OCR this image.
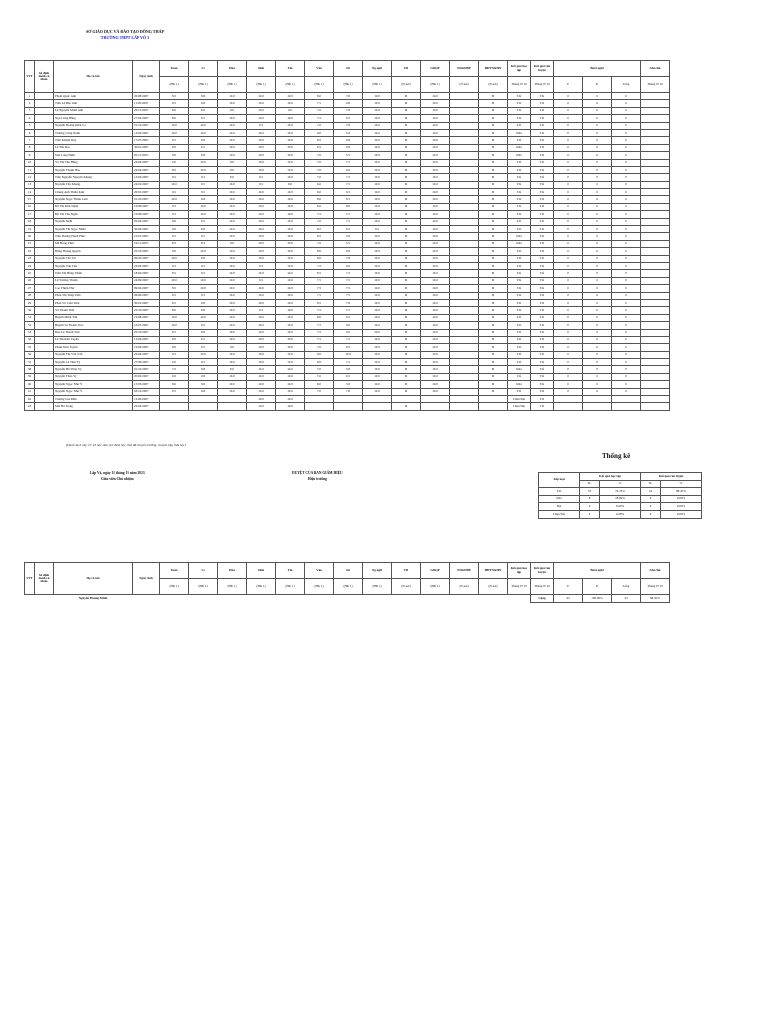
SỞ GIÁO DỤC VÀ ĐÀO TẠO ĐỒNG THÁP
TRƯỜNG THPT LẤP VÒ 3
STT	Số định danh cá nhân	Họ và tên	Ngày sinh	Toán	Lí	Hóa	Sinh	Tin	Văn	Sử	Ng.ngữ	TD	GDQP	NDGDĐP	HĐTN&HN	Kết quả học tập	Kết quả rèn luyện	Buổi nghỉ			Ghi chú
				(HK 1)	(HK 1)	(HK 1)	(HK 1)	(HK 1)	(HK 1)	(HK 1)	(HK 1)	(N.xét)	(HK 1)	(N.xét)	(N.xét)	Tháng 9+10	Tháng 9+10	P	K	Tổng	Tháng 9+10
1		Phạm Quốc Anh	20/08/2007	8.5	9.8	10.0	10.0	10.0	8.0	7.8	10.0	Đ	10.0		Đ	Tốt	Tốt	0	0	0	
2		Trần Lê Bảo Anh	11/05/2007	9.5	9.8	10.0	10.0	10.0	7.5	9.8	10.0	Đ	10.0		Đ	Tốt	Tốt	0	0	0	
3		Lê Nguyễn Minh Anh	29/11/2007	8.0	9.0	9.0	10.0	9.0	7.0	7.8	10.0	Đ	10.0		Đ	Tốt	Tốt	0	0	0	
4		Ngô Công Bằng	27/02/2007	8.0	9.5	10.0	10.0	10.0	7.5	6.5	10.0	Đ	10.0		Đ	Tốt	Tốt	0	0	0	
5		Nguyễn Hoàng Khải Ca	01/12/2007	10.0	10.0	10.0	9.5	10.0	7.0	7.8	10.0	Đ	10.0		Đ	Tốt	Tốt	0	0	0	
6		Trương Công Danh	13/02/2007	10.0	10.0	10.0	10.0	10.0	9.0	5.8	10.0	Đ	10.0		Đ	Khá	Tốt	0	0	0	
7		Trần Khánh Duy	17/07/2007	9.5	9.8	10.0	10.0	10.0	8.5	6.8	10.0	Đ	10.0		Đ	Tốt	Tốt	0	0	0	
8		Lê Tấn Đạt	30/01/2007	9.0	9.5	10.0	10.0	10.0	6.5	6.8	10.0	Đ	10.0		Đ	Khá	Tốt	0	0	0	
9		Mai Long Đình	05/11/2007	9.0	9.8	10.0	10.0	10.0	7.0	5.5	10.0	Đ	10.0		Đ	Khá	Tốt	0	0	0	
10		Võ Thị Thu Hằng	24/06/2007	9.0	10.0	9.0	10.0	10.0	7.0	7.5	10.0	Đ	10.0		Đ	Tốt	Tốt	0	0	0	
11		Nguyễn Thanh Hào	24/04/2007	8.5	10.0	9.0	10.0	10.0	7.0	6.0	10.0	Đ	10.0		Đ	Tốt	Tốt	0	0	0	
12		Trần Nguyễn Nguyên Khang	13/02/2007	9.5	9.5	9.0	9.5	10.0	7.0	7.5	10.0	Đ	10.0		Đ	Tốt	Tốt	0	0	0	
13		Nguyễn Tấn Khang	24/02/2007	10.0	9.5	10.0	9.5	9.0	6.0	7.5	10.0	Đ	10.0		Đ	Tốt	Tốt	0	0	0	
14		Chung Anh Thiên Kim	20/01/2007	9.5	9.5	10.0	10.0	10.0	9.0	6.5	10.0	Đ	10.0		Đ	Tốt	Tốt	0	0	0	
15		Nguyễn Ngọc Thiên Lam	01/10/2007	10.0	9.8	10.0	10.0	10.0	8.0	6.5	10.0	Đ	10.0		Đ	Tốt	Tốt	0	0	0	
16		Đỗ Thị Kim Ngân	19/06/2007	9.5	10.0	10.0	10.0	10.0	6.0	8.0	10.0	Đ	10.0		Đ	Tốt	Tốt	0	0	0	
17		Đỗ Thị Thu Ngân	19/06/2007	9.5	10.0	10.0	10.0	10.0	7.5	7.5	10.0	Đ	10.0		Đ	Tốt	Tốt	0	0	0	
18		Nguyễn Nghi	02/02/2007	8.0	9.5	10.0	10.0	10.0	7.0	7.5	10.0	Đ	10.0		Đ	Tốt	Tốt	0	0	0	
19		Nguyễn Thị Ngọc Nhân	30/04/2007	9.0	9.8	10.0	10.0	10.0	8.5	6.5	9.5	Đ	10.0		Đ	Tốt	Tốt	0	0	0	
20		Trần Dương Hạnh Phúc	10/01/2007	9.5	9.5	10.0	10.0	10.0	8.5	5.8	10.0	Đ	10.0		Đ	Khá	Tốt	0	0	0	
21		Mã Hồng Phúc	19/11/2007	8.5	8.3	9.0	10.0	10.0	7.0	5.5	10.0	Đ	10.0		Đ	Khá	Tốt	0	0	0	
22		Đặng Hoàng Quyền	25/10/2007	9.0	10.0	10.0	10.0	10.0	8.0	6.8	10.0	Đ	10.0		Đ	Tốt	Tốt	0	0	0	
23		Nguyễn Tấn Tài	09/05/2007	10.0	9.8	10.0	10.0	10.0	8.0	7.8	10.0	Đ	10.0		Đ	Tốt	Tốt	0	0	0	
24		Nguyễn Văn Tấn	23/02/2007	9.5	9.5	10.0	9.5	10.0	7.5	9.0	10.0	Đ	10.0		Đ	Tốt	Tốt	0	0	0	
25		Trần Thị Hồng Thắm	18/04/2007	8.5	9.5	10.0	10.0	10.0	8.5	7.5	10.0	Đ	10.0		Đ	Tốt	Tốt	0	0	0	
26		Lê Trường Thuận	24/09/2007	10.0	10.0	10.0	9.5	10.0	7.5	7.5	10.0	Đ	10.0		Đ	Tốt	Tốt	0	0	0	
27		Cao Thiện Thư	09/02/2007	8.5	10.0	10.0	10.0	10.0	7.5	7.5	10.0	Đ	10.0		Đ	Tốt	Tốt	0	0	0	
28		Phan Thị Thủy Tiên	09/06/2007	9.5	9.5	10.0	10.0	10.0	7.5	7.5	10.0	Đ	10.0		Đ	Tốt	Tốt	0	0	0	
29		Phan Võ Cẩm Tiên	30/01/2007	8.5	9.8	10.0	10.0	10.0	8.5	7.8	10.0	Đ	10.0		Đ	Tốt	Tốt	0	0	0	
30		Võ Thanh Tiến	22/10/2007	8.0	9.8	10.0	9.5	10.0	7.5	7.5	10.0	Đ	10.0		Đ	Tốt	Tốt	0	0	0	
31		Huỳnh Minh Trãi	19/08/2007	10.0	10.0	10.0	10.0	10.0	8.0	6.5	10.0	Đ	10.0		Đ	Tốt	Tốt	0	0	0	
32		Huỳnh Lê Thanh Trúc	16/07/2007	10.0	9.5	10.0	10.0	10.0	7.5	9.0	10.0	Đ	10.0		Đ	Tốt	Tốt	0	0	0	
33		Đào Lê Thanh Trúc	25/10/2007	8.5	9.8	10.0	10.0	10.0	7.5	9.0	10.0	Đ	10.0		Đ	Tốt	Tốt	0	0	0	
34		Lê Thị Kim Tuyền	13/06/2007	9.0	9.5	10.0	10.0	10.0	7.5	7.5	10.0	Đ	10.0		Đ	Tốt	Tốt	0	0	0	
35		Phạm Kim Tuyền	19/06/2007	8.0	9.5	9.0	10.0	10.0	7.0	6.5	10.0	Đ	10.0		Đ	Tốt	Tốt	0	0	0	
36		Nguyễn Thị Vân Vân	22/04/2007	9.5	10.0	10.0	10.0	10.0	9.0	10.0	10.0	Đ	10.0		Đ	Tốt	Tốt	0	0	0	
37		Nguyễn Lê Tâm Vy	27/06/2007	9.0	9.5	10.0	10.0	10.0	8.0	7.5	10.0	Đ	10.0		Đ	Tốt	Tốt	0	0	0	
38		Nguyễn Hồ Thúy Vy	01/10/2007	7.0	9.8	9.0	10.0	10.0	7.0	5.8	10.0	Đ	10.0		Đ	Khá	Tốt	0	0	0	
39		Nguyễn Thảo Vy	05/02/2007	9.0	9.8	10.0	10.0	10.0	7.0	6.5	10.0	Đ	10.0		Đ	Tốt	Tốt	0	0	0	
40		Nguyễn Ngọc Như Ý	15/05/2007	8.0	9.8	10.0	10.0	10.0	8.0	5.8	10.0	Đ	10.0		Đ	Khá	Tốt	0	0	0	
41		Nguyễn Ngọc Như Ý	03/12/2007	9.5	9.8	10.0	10.0	10.0	7.0	7.8	10.0	Đ	10.0		Đ	Tốt	Tốt	0	0	0	
42		Trương Gia Mẫn	12/06/2007				10.0	10.0								Chưa Đạt	Tốt				
43		Mai Hà Trang	22/04/2007				10.0	10.0				Đ				Chưa Đạt	Tốt				
(Danh sách này có: 43 học sinh (có thêm học sinh đã chuyển trường, chuyển lớp, thôi học)
Lấp Vò, ngày 11 tháng 11 năm 2023
Giáo viên Chủ nhiệm
DUYỆT CỦA BAN GIÁM HIỆU
Hiệu trưởng
Thống kê
Xếp loại	Kết quả học tập		Kết quả rèn luyện	
	SL	%	SL	%
Tốt	33	76.74%	43	98.45%
Khá	8	18.60%	0	0.00%
Đạt	0	0.00%	0	0.00%
Chưa Đạt	2	4.68%	0	0.00%
STT	Số định danh cá nhân	Họ và tên	Ngày sinh	Toán	Lí	Hóa	Sinh	Tin	Văn	Sử	Ng.ngữ	TD	GDQP	NDGDĐP	HĐTN&HN	Kết quả học tập	Kết quả rèn luyện	Buổi nghỉ			Ghi chú
				(HK 1)	(HK 1)	(HK 1)	(HK 1)	(HK 1)	(HK 1)	(HK 1)	(HK 1)	(N.xét)	(HK 1)	(N.xét)	(N.xét)	Tháng 9+10	Tháng 9+10	P	K	Tổng	Tháng 9+10
		Nguyễn Hoàng Minh															Cộng	43	100.00%	43	98.45%
